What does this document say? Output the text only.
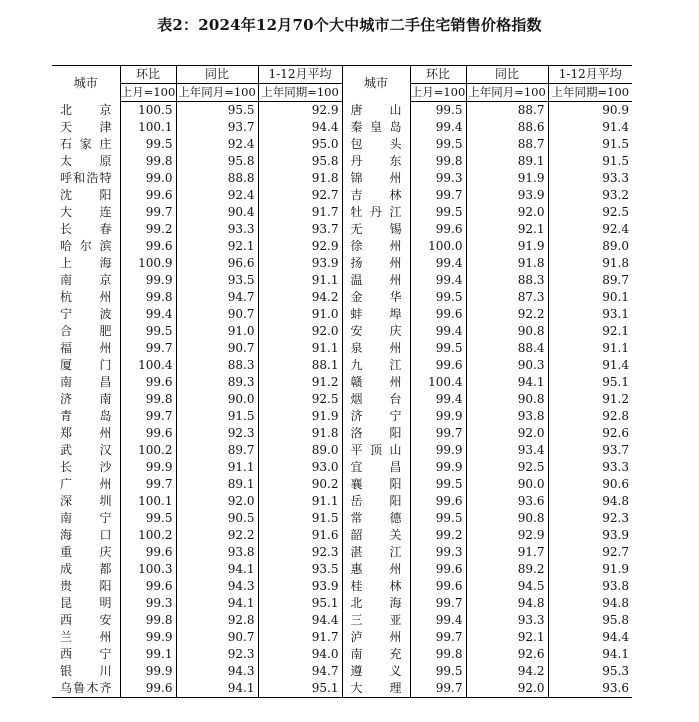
表2：2024年12月70个大中城市二手住宅销售价格指数
城市	环比	同比	1-12月平均	城市	环比	同比	1-12月平均
	上月=100	上年同月=100	上年同期=100		上月=100	上年同月=100	上年同期=100
北京	100.5	95.5	92.9	唐山	99.5	88.7	90.9
天津	100.1	93.7	94.4	秦皇岛	99.4	88.6	91.4
石家庄	99.5	92.4	95.0	包头	99.5	88.7	91.5
太原	99.8	95.8	95.8	丹东	99.8	89.1	91.5
呼和浩特	99.0	88.8	91.8	锦州	99.3	91.9	93.3
沈阳	99.6	92.4	92.7	吉林	99.7	93.9	93.2
大连	99.7	90.4	91.7	牡丹江	99.5	92.0	92.5
长春	99.2	93.3	93.7	无锡	99.6	92.1	92.4
哈尔滨	99.6	92.1	92.9	徐州	100.0	91.9	89.0
上海	100.9	96.6	93.9	扬州	99.4	91.8	91.8
南京	99.9	93.5	91.1	温州	99.4	88.3	89.7
杭州	99.8	94.7	94.2	金华	99.5	87.3	90.1
宁波	99.4	90.7	91.0	蚌埠	99.6	92.2	93.1
合肥	99.5	91.0	92.0	安庆	99.4	90.8	92.1
福州	99.7	90.7	91.1	泉州	99.5	88.4	91.1
厦门	100.4	88.3	88.1	九江	99.6	90.3	91.4
南昌	99.6	89.3	91.2	赣州	100.4	94.1	95.1
济南	99.8	90.0	92.5	烟台	99.4	90.8	91.2
青岛	99.7	91.5	91.9	济宁	99.9	93.8	92.8
郑州	99.6	92.3	91.8	洛阳	99.7	92.0	92.6
武汉	100.2	89.7	89.0	平顶山	99.9	93.4	93.7
长沙	99.9	91.1	93.0	宜昌	99.9	92.5	93.3
广州	99.7	89.1	90.2	襄阳	99.5	90.0	90.6
深圳	100.1	92.0	91.1	岳阳	99.6	93.6	94.8
南宁	99.5	90.5	91.5	常德	99.5	90.8	92.3
海口	100.2	92.2	91.6	韶关	99.2	92.9	93.9
重庆	99.6	93.8	92.3	湛江	99.3	91.7	92.7
成都	100.3	94.1	93.5	惠州	99.6	89.2	91.9
贵阳	99.6	94.3	93.9	桂林	99.6	94.5	93.8
昆明	99.3	94.1	95.1	北海	99.7	94.8	94.8
西安	99.8	92.8	94.4	三亚	99.4	93.3	95.8
兰州	99.9	90.7	91.7	泸州	99.7	92.1	94.4
西宁	99.1	92.3	94.0	南充	99.8	92.6	94.1
银川	99.9	94.3	94.7	遵义	99.5	94.2	95.3
乌鲁木齐	99.6	94.1	95.1	大理	99.7	92.0	93.6
